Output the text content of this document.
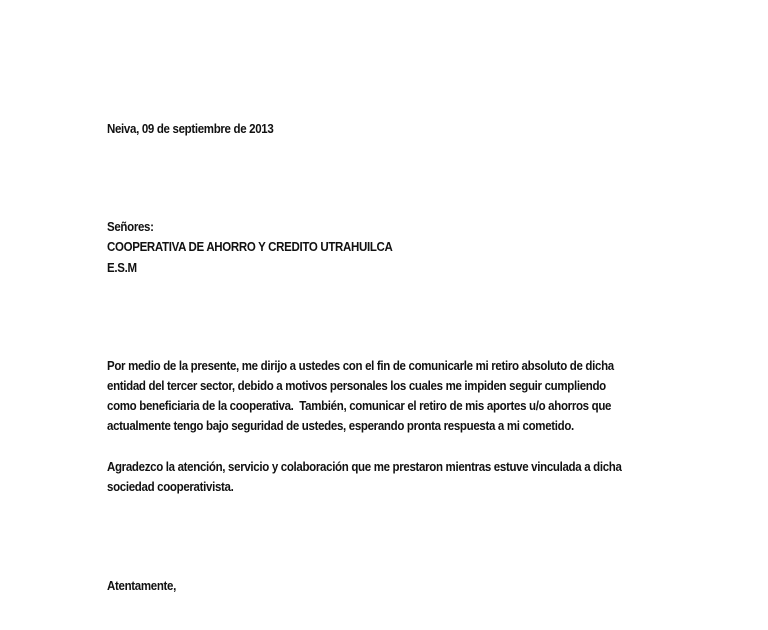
Neiva, 09 de septiembre de 2013
Señores:
COOPERATIVA DE AHORRO Y CREDITO UTRAHUILCA
E.S.M
Por medio de la presente, me dirijo a ustedes con el fin de comunicarle mi retiro absoluto de dicha
entidad del tercer sector, debido a motivos personales los cuales me impiden seguir cumpliendo
como beneficiaria de la cooperativa.  También, comunicar el retiro de mis aportes u/o ahorros que
actualmente tengo bajo seguridad de ustedes, esperando pronta respuesta a mi cometido.
Agradezco la atención, servicio y colaboración que me prestaron mientras estuve vinculada a dicha
sociedad cooperativista.
Atentamente,
